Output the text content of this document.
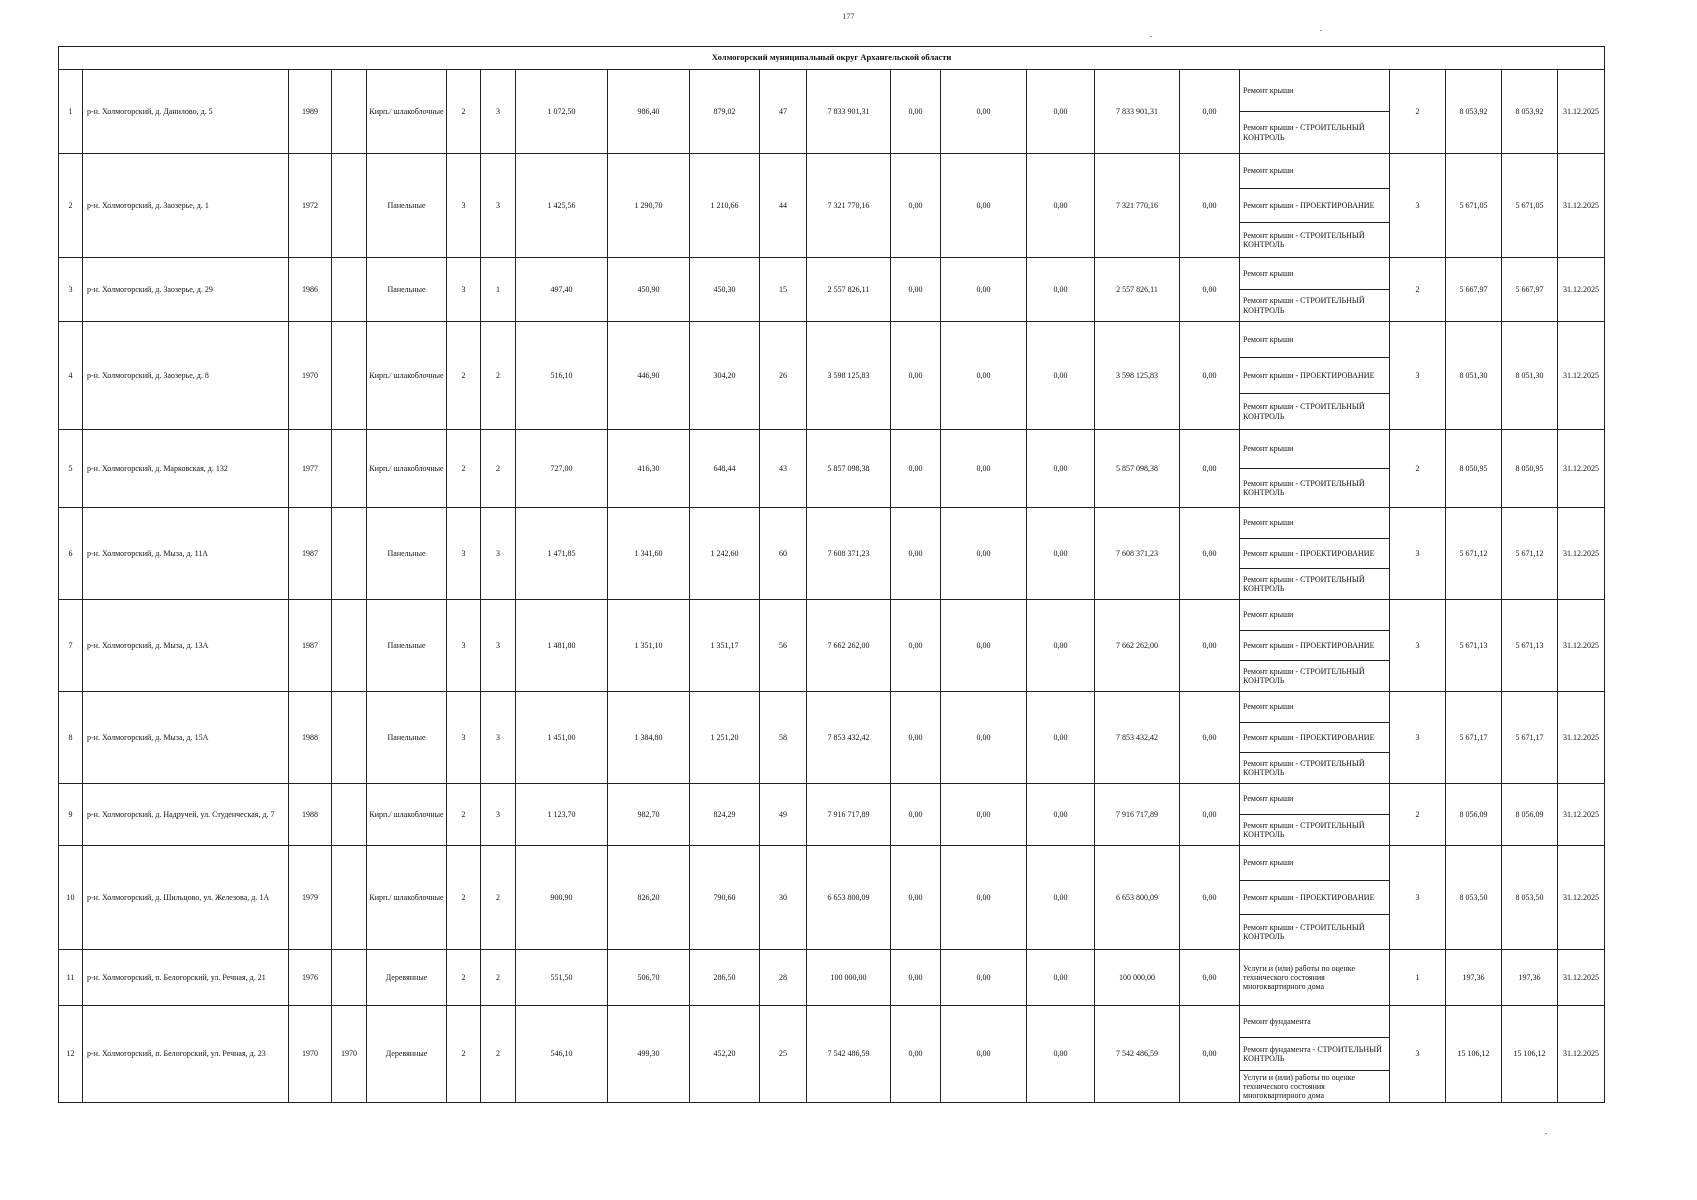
177
Холмогорский муниципальный округ Архангельской области																					
1	р-н. Холмогорский, д. Данилово, д. 5	1989		Кирп./ шлакоблочные	2	3	1 072,50	986,40	879,02	47	7 833 901,31	0,00	0,00	0,00	7 833 901,31	0,00	Ремонт крыши
Ремонт крыши - СТРОИТЕЛЬНЫЙ КОНТРОЛЬ	2	8 053,92	8 053,92	31.12.2025
2	р-н. Холмогорский, д. Заозерье, д. 1	1972		Панельные	3	3	1 425,56	1 290,70	1 210,66	44	7 321 770,16	0,00	0,00	0,00	7 321 770,16	0,00	Ремонт крыши
Ремонт крыши - ПРОЕКТИРОВАНИЕ
Ремонт крыши - СТРОИТЕЛЬНЫЙ КОНТРОЛЬ	3	5 671,05	5 671,05	31.12.2025
3	р-н. Холмогорский, д. Заозерье, д. 29	1986		Панельные	3	1	497,40	450,90	450,30	15	2 557 826,11	0,00	0,00	0,00	2 557 826,11	0,00	Ремонт крыши
Ремонт крыши - СТРОИТЕЛЬНЫЙ КОНТРОЛЬ	2	5 667,97	5 667,97	31.12.2025
4	р-н. Холмогорский, д. Заозерье, д. 8	1970		Кирп./ шлакоблочные	2	2	516,10	446,90	304,20	26	3 598 125,83	0,00	0,00	0,00	3 598 125,83	0,00	Ремонт крыши
Ремонт крыши - ПРОЕКТИРОВАНИЕ
Ремонт крыши - СТРОИТЕЛЬНЫЙ КОНТРОЛЬ	3	8 051,30	8 051,30	31.12.2025
5	р-н. Холмогорский, д. Марковская, д. 132	1977		Кирп./ шлакоблочные	2	2	727,00	416,30	648,44	43	5 857 098,38	0,00	0,00	0,00	5 857 098,38	0,00	Ремонт крыши
Ремонт крыши - СТРОИТЕЛЬНЫЙ КОНТРОЛЬ	2	8 050,95	8 050,95	31.12.2025
6	р-н. Холмогорский, д. Мыза, д. 11А	1987		Панельные	3	3	1 471,85	1 341,60	1 242,60	60	7 608 371,23	0,00	0,00	0,00	7 608 371,23	0,00	Ремонт крыши
Ремонт крыши - ПРОЕКТИРОВАНИЕ
Ремонт крыши - СТРОИТЕЛЬНЫЙ КОНТРОЛЬ	3	5 671,12	5 671,12	31.12.2025
7	р-н. Холмогорский, д. Мыза, д. 13А	1987		Панельные	3	3	1 481,80	1 351,10	1 351,17	56	7 662 262,00	0,00	0,00	0,00	7 662 262,00	0,00	Ремонт крыши
Ремонт крыши - ПРОЕКТИРОВАНИЕ
Ремонт крыши - СТРОИТЕЛЬНЫЙ КОНТРОЛЬ	3	5 671,13	5 671,13	31.12.2025
8	р-н. Холмогорский, д. Мыза, д. 15А	1988		Панельные	3	3	1 451,00	1 384,80	1 251,20	58	7 853 432,42	0,00	0,00	0,00	7 853 432,42	0,00	Ремонт крыши
Ремонт крыши - ПРОЕКТИРОВАНИЕ
Ремонт крыши - СТРОИТЕЛЬНЫЙ КОНТРОЛЬ	3	5 671,17	5 671,17	31.12.2025
9	р-н. Холмогорский, д. Надручей, ул. Студенческая, д. 7	1988		Кирп./ шлакоблочные	2	3	1 123,70	982,70	824,29	49	7 916 717,89	0,00	0,00	0,00	7 916 717,89	0,00	Ремонт крыши
Ремонт крыши - СТРОИТЕЛЬНЫЙ КОНТРОЛЬ	2	8 056,09	8 056,09	31.12.2025
10	р-н. Холмогорский, д. Шильцово, ул. Железова, д. 1А	1979		Кирп./ шлакоблочные	2	2	900,90	826,20	790,60	30	6 653 800,09	0,00	0,00	0,00	6 653 800,09	0,00	Ремонт крыши
Ремонт крыши - ПРОЕКТИРОВАНИЕ
Ремонт крыши - СТРОИТЕЛЬНЫЙ КОНТРОЛЬ	3	8 053,50	8 053,50	31.12.2025
11	р-н. Холмогорский, п. Белогорский, ул. Речная, д. 21	1976		Деревянные	2	2	551,50	506,70	286,50	28	100 000,00	0,00	0,00	0,00	100 000,00	0,00	Услуги и (или) работы по оценке технического состояния многоквартирного дома	1	197,36	197,36	31.12.2025
12	р-н. Холмогорский, п. Белогорский, ул. Речная, д. 23	1970	1970	Деревянные	2	2	546,10	499,30	452,20	25	7 542 486,59	0,00	0,00	0,00	7 542 486,59	0,00	Ремонт фундамента
Ремонт фундамента - СТРОИТЕЛЬНЫЙ КОНТРОЛЬ
Услуги и (или) работы по оценке технического состояния многоквартирного дома	3	15 106,12	15 106,12	31.12.2025
